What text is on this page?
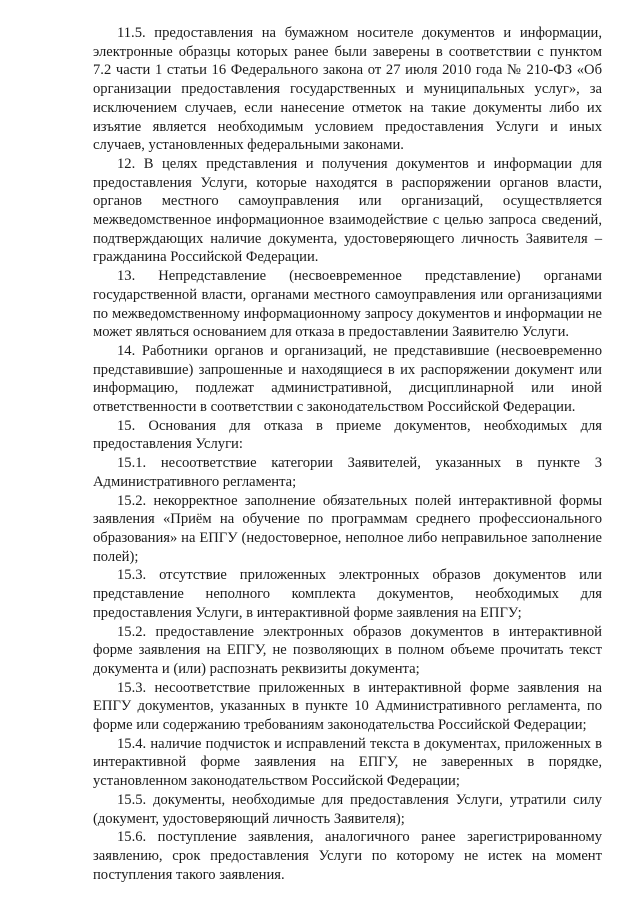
11.5. предоставления на бумажном носителе документов и информации, электронные образцы которых ранее были заверены в соответствии с пунктом 7.2 части 1 статьи 16 Федерального закона от 27 июля 2010 года № 210-ФЗ «Об организации предоставления государственных и муниципальных услуг», за исключением случаев, если нанесение отметок на такие документы либо их изъятие является необходимым условием предоставления Услуги и иных случаев, установленных федеральными законами.

12. В целях представления и получения документов и информации для предоставления Услуги, которые находятся в распоряжении органов власти, органов местного самоуправления или организаций, осуществляется межведомственное информационное взаимодействие с целью запроса сведений, подтверждающих наличие документа, удостоверяющего личность Заявителя – гражданина Российской Федерации.

13. Непредставление (несвоевременное представление) органами государственной власти, органами местного самоуправления или организациями по межведомственному информационному запросу документов и информации не может являться основанием для отказа в предоставлении Заявителю Услуги.

14. Работники органов и организаций, не представившие (несвоевременно представившие) запрошенные и находящиеся в их распоряжении документ или информацию, подлежат административной, дисциплинарной или иной ответственности в соответствии с законодательством Российской Федерации.

15. Основания для отказа в приеме документов, необходимых для предоставления Услуги:

15.1. несоответствие категории Заявителей, указанных в пункте 3 Административного регламента;

15.2. некорректное заполнение обязательных полей интерактивной формы заявления «Приём на обучение по программам среднего профессионального образования» на ЕПГУ (недостоверное, неполное либо неправильное заполнение полей);

15.3. отсутствие приложенных электронных образов документов или представление неполного комплекта документов, необходимых для предоставления Услуги, в интерактивной форме заявления на ЕПГУ;

15.2. предоставление электронных образов документов в интерактивной форме заявления на ЕПГУ, не позволяющих в полном объеме прочитать текст документа и (или) распознать реквизиты документа;

15.3. несоответствие приложенных в интерактивной форме заявления на ЕПГУ документов, указанных в пункте 10 Административного регламента, по форме или содержанию требованиям законодательства Российской Федерации;

15.4. наличие подчисток и исправлений текста в документах, приложенных в интерактивной форме заявления на ЕПГУ, не заверенных в порядке, установленном законодательством Российской Федерации;

15.5. документы, необходимые для предоставления Услуги, утратили силу (документ, удостоверяющий личность Заявителя);

15.6. поступление заявления, аналогичного ранее зарегистрированному заявлению, срок предоставления Услуги по которому не истек на момент поступления такого заявления.
